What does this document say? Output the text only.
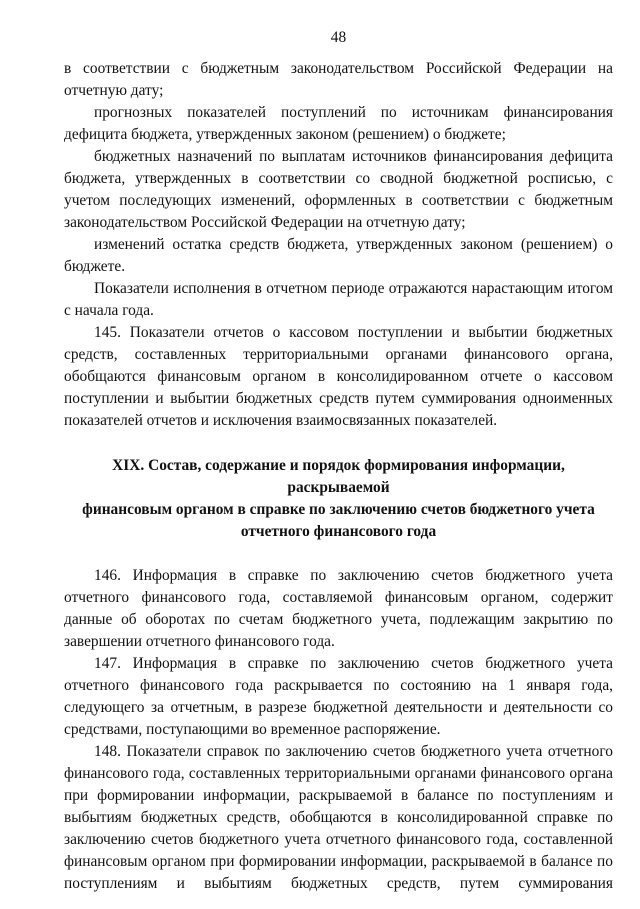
48

в соответствии с бюджетным законодательством Российской Федерации на отчетную дату;

прогнозных показателей поступлений по источникам финансирования дефицита бюджета, утвержденных законом (решением) о бюджете;

бюджетных назначений по выплатам источников финансирования дефицита бюджета, утвержденных в соответствии со сводной бюджетной росписью, с учетом последующих изменений, оформленных в соответствии с бюджетным законодательством Российской Федерации на отчетную дату;

изменений остатка средств бюджета, утвержденных законом (решением) о бюджете.

Показатели исполнения в отчетном периоде отражаются нарастающим итогом с начала года.

145. Показатели отчетов о кассовом поступлении и выбытии бюджетных средств, составленных территориальными органами финансового органа, обобщаются финансовым органом в консолидированном отчете о кассовом поступлении и выбытии бюджетных средств путем суммирования одноименных показателей отчетов и исключения взаимосвязанных показателей.

XIX. Состав, содержание и порядок формирования информации, раскрываемой
финансовым органом в справке по заключению счетов бюджетного учета
отчетного финансового года

146. Информация в справке по заключению счетов бюджетного учета отчетного финансового года, составляемой финансовым органом, содержит данные об оборотах по счетам бюджетного учета, подлежащим закрытию по завершении отчетного финансового года.

147. Информация в справке по заключению счетов бюджетного учета отчетного финансового года раскрывается по состоянию на 1 января года, следующего за отчетным, в разрезе бюджетной деятельности и деятельности со средствами, поступающими во временное распоряжение.

148. Показатели справок по заключению счетов бюджетного учета отчетного финансового года, составленных территориальными органами финансового органа при формировании информации, раскрываемой в балансе по поступлениям и выбытиям бюджетных средств, обобщаются в консолидированной справке по заключению счетов бюджетного учета отчетного финансового года, составленной финансовым органом при формировании информации, раскрываемой в балансе по поступлениям и выбытиям бюджетных средств, путем суммирования
